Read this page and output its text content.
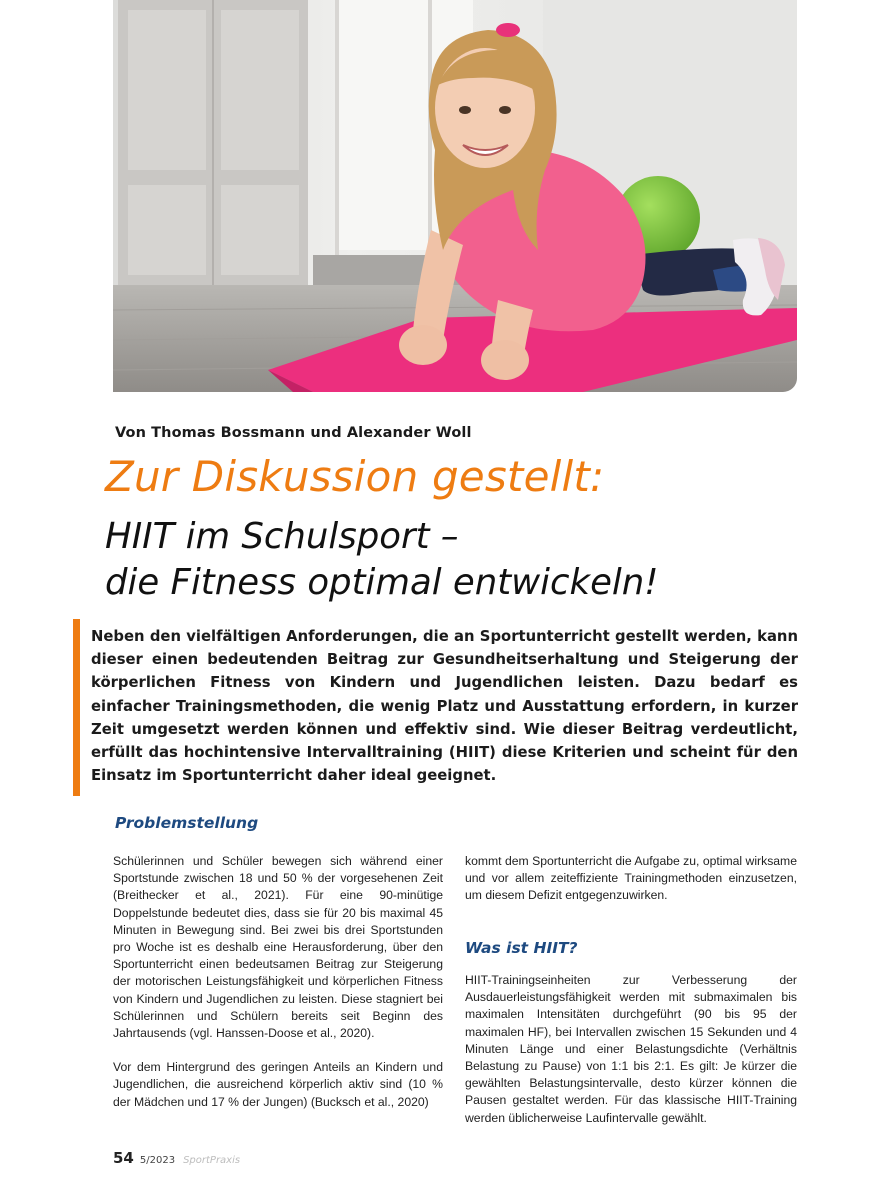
Von Thomas Bossmann und Alexander Woll
Zur Diskussion gestellt:
HIIT im Schulsport –
die Fitness optimal entwickeln!

Neben den vielfältigen Anforderungen, die an Sportunterricht gestellt werden, kann dieser einen bedeutenden Beitrag zur Gesundheitserhaltung und Steigerung der körperlichen Fitness von Kindern und Jugendlichen leisten. Dazu bedarf es einfacher Trainingsmethoden, die wenig Platz und Ausstattung erfordern, in kurzer Zeit umgesetzt werden können und effektiv sind. Wie dieser Beitrag verdeutlicht, erfüllt das hochintensive Intervalltraining (HIIT) diese Kriterien und scheint für den Einsatz im Sportunterricht daher ideal geeignet.

Problemstellung

Schülerinnen und Schüler bewegen sich während einer Sportstunde zwischen 18 und 50 % der vorgesehenen Zeit (Breithecker et al., 2021). Für eine 90-minütige Doppelstunde bedeutet dies, dass sie für 20 bis maximal 45 Minuten in Bewegung sind. Bei zwei bis drei Sportstunden pro Woche ist es deshalb eine Herausforderung, über den Sportunterricht einen bedeutsamen Beitrag zur Steigerung der motorischen Leistungsfähigkeit und körperlichen Fitness von Kindern und Jugendlichen zu leisten. Diese stagniert bei Schülerinnen und Schülern bereits seit Beginn des Jahrtausends (vgl. Hanssen-Doose et al., 2020).

Vor dem Hintergrund des geringen Anteils an Kindern und Jugendlichen, die ausreichend körperlich aktiv sind (10 % der Mädchen und 17 % der Jungen) (Bucksch et al., 2020)

Was ist HIIT?

kommt dem Sportunterricht die Aufgabe zu, optimal wirksame und vor allem zeiteffiziente Trainingmethoden einzusetzen, um diesem Defizit entgegenzuwirken.

HIIT-Trainingseinheiten zur Verbesserung der Ausdauerleistungsfähigkeit werden mit submaximalen bis maximalen Intensitäten durchgeführt (90 bis 95 der maximalen HF), bei Intervallen zwischen 15 Sekunden und 4 Minuten Länge und einer Belastungsdichte (Verhältnis Belastung zu Pause) von 1:1 bis 2:1. Es gilt: Je kürzer die gewählten Belastungsintervalle, desto kürzer können die Pausen gestaltet werden. Für das klassische HIIT-Training werden üblicherweise Laufintervalle gewählt.

54 5/2023 SportPraxis
